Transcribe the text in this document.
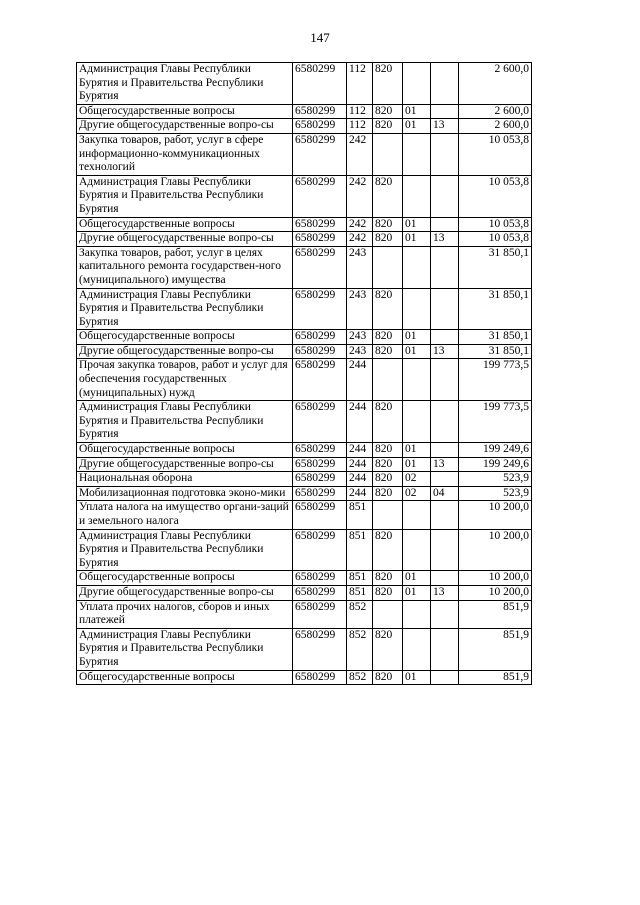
147
Администрация Главы Республики Бурятия и Правительства Республики Бурятия	6580299	112	820			2 600,0
Общегосударственные вопросы	6580299	112	820	01		2 600,0
Другие общегосударственные вопро-сы	6580299	112	820	01	13	2 600,0
Закупка товаров, работ, услуг в сфере информационно-коммуникационных технологий	6580299	242				10 053,8
Администрация Главы Республики Бурятия и Правительства Республики Бурятия	6580299	242	820			10 053,8
Общегосударственные вопросы	6580299	242	820	01		10 053,8
Другие общегосударственные вопро-сы	6580299	242	820	01	13	10 053,8
Закупка товаров, работ, услуг в целях капитального ремонта государствен-ного (муниципального) имущества	6580299	243				31 850,1
Администрация Главы Республики Бурятия и Правительства Республики Бурятия	6580299	243	820			31 850,1
Общегосударственные вопросы	6580299	243	820	01		31 850,1
Другие общегосударственные вопро-сы	6580299	243	820	01	13	31 850,1
Прочая закупка товаров, работ и услуг для обеспечения государственных (муниципальных) нужд	6580299	244				199 773,5
Администрация Главы Республики Бурятия и Правительства Республики Бурятия	6580299	244	820			199 773,5
Общегосударственные вопросы	6580299	244	820	01		199 249,6
Другие общегосударственные вопро-сы	6580299	244	820	01	13	199 249,6
Национальная оборона	6580299	244	820	02		523,9
Мобилизационная подготовка эконо-мики	6580299	244	820	02	04	523,9
Уплата налога на имущество органи-заций и земельного налога	6580299	851				10 200,0
Администрация Главы Республики Бурятия и Правительства Республики Бурятия	6580299	851	820			10 200,0
Общегосударственные вопросы	6580299	851	820	01		10 200,0
Другие общегосударственные вопро-сы	6580299	851	820	01	13	10 200,0
Уплата прочих налогов, сборов и иных платежей	6580299	852				851,9
Администрация Главы Республики Бурятия и Правительства Республики Бурятия	6580299	852	820			851,9
Общегосударственные вопросы	6580299	852	820	01		851,9
